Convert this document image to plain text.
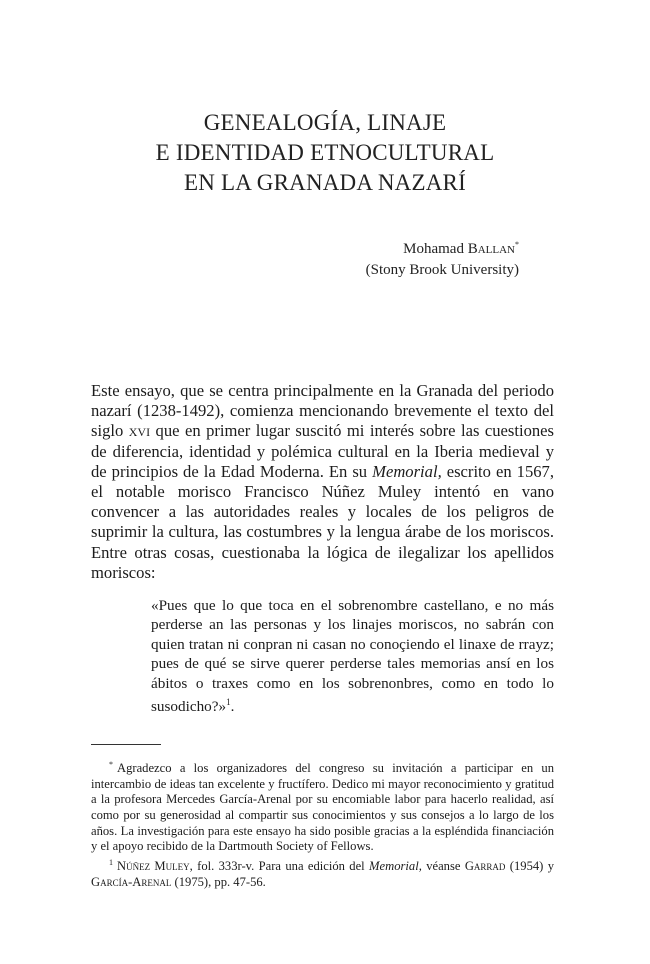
GENEALOGÍA, LINAJE
E IDENTIDAD ETNOCULTURAL
EN LA GRANADA NAZARÍ
Mohamad Ballan*
(Stony Brook University)

Este ensayo, que se centra principalmente en la Granada del periodo nazarí (1238-1492), comienza mencionando brevemente el texto del siglo xvi que en primer lugar suscitó mi interés sobre las cuestiones de diferencia, identidad y polémica cultural en la Iberia medieval y de principios de la Edad Moderna. En su Memorial, escrito en 1567, el notable morisco Francisco Núñez Muley intentó en vano convencer a las autoridades reales y locales de los peligros de suprimir la cultura, las costumbres y la lengua árabe de los moriscos. Entre otras cosas, cuestionaba la lógica de ilegalizar los apellidos moriscos:

«Pues que lo que toca en el sobrenombre castellano, e no más perderse an las personas y los linajes moriscos, no sabrán con quien tratan ni conpran ni casan no conoçiendo el linaxe de rrayz; pues de qué se sirve querer perderse tales memorias ansí en los ábitos o traxes como en los sobrenonbres, como en todo lo susodicho?»$^1$.

* Agradezco a los organizadores del congreso su invitación a participar en un intercambio de ideas tan excelente y fructífero. Dedico mi mayor reconocimiento y gratitud a la profesora Mercedes García-Arenal por su encomiable labor para hacerlo realidad, así como por su generosidad al compartir sus conocimientos y sus consejos a lo largo de los años. La investigación para este ensayo ha sido posible gracias a la espléndida financiación y el apoyo recibido de la Dartmouth Society of Fellows.

$^1$ Núñez Muley, fol. 333r-v. Para una edición del Memorial, véanse Garrad (1954) y García-Arenal (1975), pp. 47-56.
